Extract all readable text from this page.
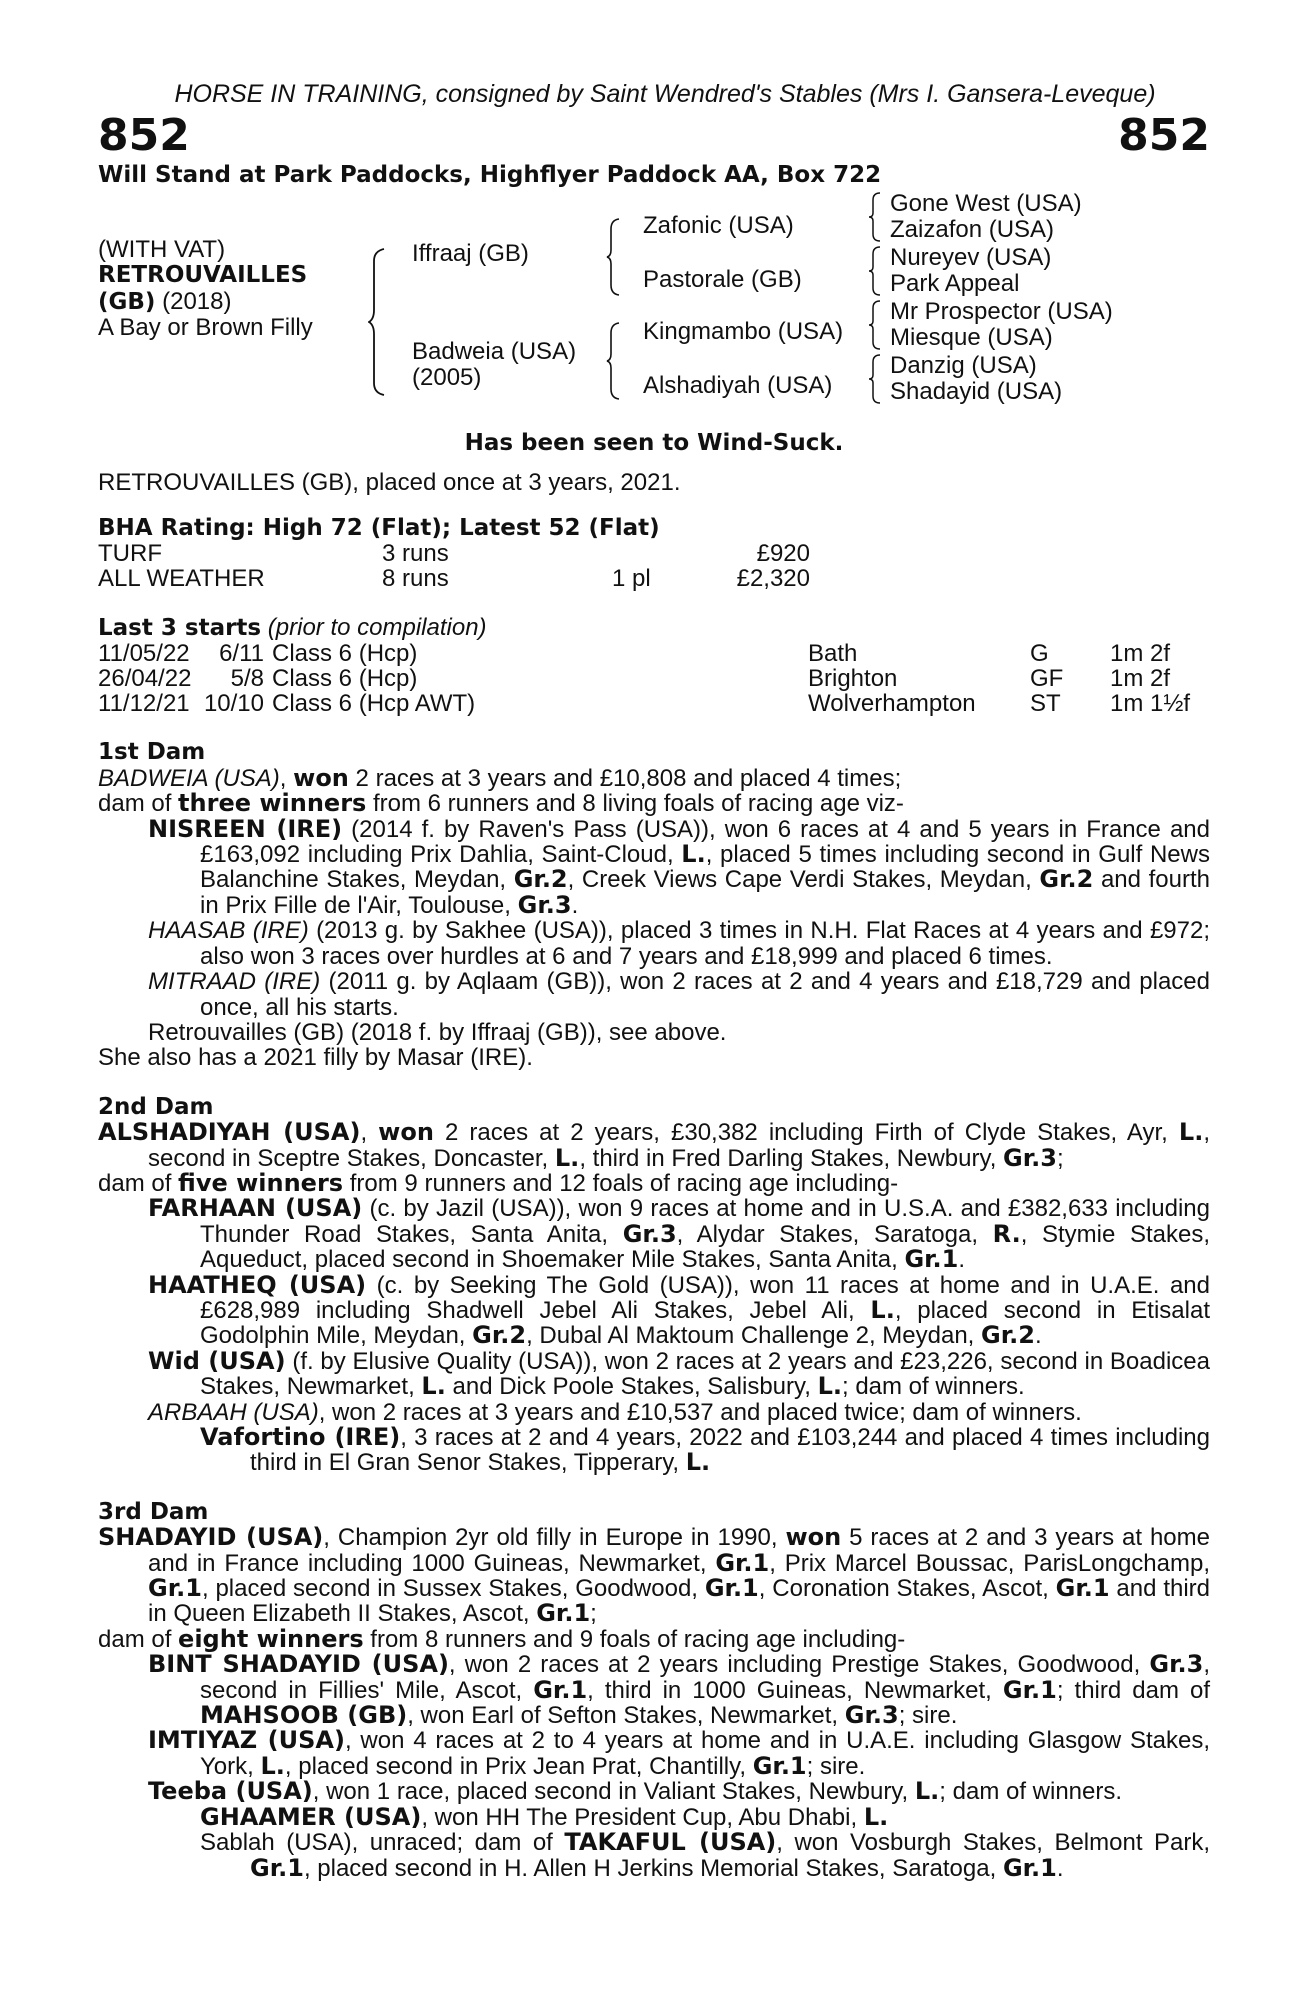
HORSE IN TRAINING, consigned by Saint Wendred's Stables (Mrs I. Gansera-Leveque)
852	852
Will Stand at Park Paddocks, Highflyer Paddock AA, Box 722
(WITH VAT)
RETROUVAILLES
(GB) (2018)
A Bay or Brown Filly
Iffraaj (GB)
Badweia (USA)
(2005)
Zafonic (USA)
Pastorale (GB)
Kingmambo (USA)
Alshadiyah (USA)
Gone West (USA)
Zaizafon (USA)
Nureyev (USA)
Park Appeal
Mr Prospector (USA)
Miesque (USA)
Danzig (USA)
Shadayid (USA)
Has been seen to Wind-Suck.

RETROUVAILLES (GB), placed once at 3 years, 2021.

BHA Rating: High 72 (Flat); Latest 52 (Flat)
TURF	3 runs		£920
ALL WEATHER	8 runs	1 pl	£2,320
Last 3 starts (prior to compilation)
11/05/22	6/11	Class 6 (Hcp)	Bath	G	1m 2f
26/04/22	5/8	Class 6 (Hcp)	Brighton	GF	1m 2f
11/12/21	10/10	Class 6 (Hcp AWT)	Wolverhampton	ST	1m 1½f
1st Dam

BADWEIA (USA), won 2 races at 3 years and £10,808 and placed 4 times;

dam of three winners from 6 runners and 8 living foals of racing age viz-

NISREEN (IRE) (2014 f. by Raven's Pass (USA)), won 6 races at 4 and 5 years in France and £163,092 including Prix Dahlia, Saint-Cloud, L., placed 5 times including second in Gulf News Balanchine Stakes, Meydan, Gr.2, Creek Views Cape Verdi Stakes, Meydan, Gr.2 and fourth in Prix Fille de l'Air, Toulouse, Gr.3.

HAASAB (IRE) (2013 g. by Sakhee (USA)), placed 3 times in N.H. Flat Races at 4 years and £972; also won 3 races over hurdles at 6 and 7 years and £18,999 and placed 6 times.

MITRAAD (IRE) (2011 g. by Aqlaam (GB)), won 2 races at 2 and 4 years and £18,729 and placed once, all his starts.

Retrouvailles (GB) (2018 f. by Iffraaj (GB)), see above.

She also has a 2021 filly by Masar (IRE).

2nd Dam

ALSHADIYAH (USA), won 2 races at 2 years, £30,382 including Firth of Clyde Stakes, Ayr, L., second in Sceptre Stakes, Doncaster, L., third in Fred Darling Stakes, Newbury, Gr.3;

dam of five winners from 9 runners and 12 foals of racing age including-

FARHAAN (USA) (c. by Jazil (USA)), won 9 races at home and in U.S.A. and £382,633 including Thunder Road Stakes, Santa Anita, Gr.3, Alydar Stakes, Saratoga, R., Stymie Stakes, Aqueduct, placed second in Shoemaker Mile Stakes, Santa Anita, Gr.1.

HAATHEQ (USA) (c. by Seeking The Gold (USA)), won 11 races at home and in U.A.E. and £628,989 including Shadwell Jebel Ali Stakes, Jebel Ali, L., placed second in Etisalat Godolphin Mile, Meydan, Gr.2, Dubal Al Maktoum Challenge 2, Meydan, Gr.2.

Wid (USA) (f. by Elusive Quality (USA)), won 2 races at 2 years and £23,226, second in Boadicea Stakes, Newmarket, L. and Dick Poole Stakes, Salisbury, L.; dam of winners.

ARBAAH (USA), won 2 races at 3 years and £10,537 and placed twice; dam of winners.

Vafortino (IRE), 3 races at 2 and 4 years, 2022 and £103,244 and placed 4 times including third in El Gran Senor Stakes, Tipperary, L.

3rd Dam

SHADAYID (USA), Champion 2yr old filly in Europe in 1990, won 5 races at 2 and 3 years at home and in France including 1000 Guineas, Newmarket, Gr.1, Prix Marcel Boussac, ParisLongchamp, Gr.1, placed second in Sussex Stakes, Goodwood, Gr.1, Coronation Stakes, Ascot, Gr.1 and third in Queen Elizabeth II Stakes, Ascot, Gr.1;

dam of eight winners from 8 runners and 9 foals of racing age including-

BINT SHADAYID (USA), won 2 races at 2 years including Prestige Stakes, Goodwood, Gr.3, second in Fillies' Mile, Ascot, Gr.1, third in 1000 Guineas, Newmarket, Gr.1; third dam of MAHSOOB (GB), won Earl of Sefton Stakes, Newmarket, Gr.3; sire.

IMTIYAZ (USA), won 4 races at 2 to 4 years at home and in U.A.E. including Glasgow Stakes, York, L., placed second in Prix Jean Prat, Chantilly, Gr.1; sire.

Teeba (USA), won 1 race, placed second in Valiant Stakes, Newbury, L.; dam of winners.

GHAAMER (USA), won HH The President Cup, Abu Dhabi, L.

Sablah (USA), unraced; dam of TAKAFUL (USA), won Vosburgh Stakes, Belmont Park, Gr.1, placed second in H. Allen H Jerkins Memorial Stakes, Saratoga, Gr.1.
